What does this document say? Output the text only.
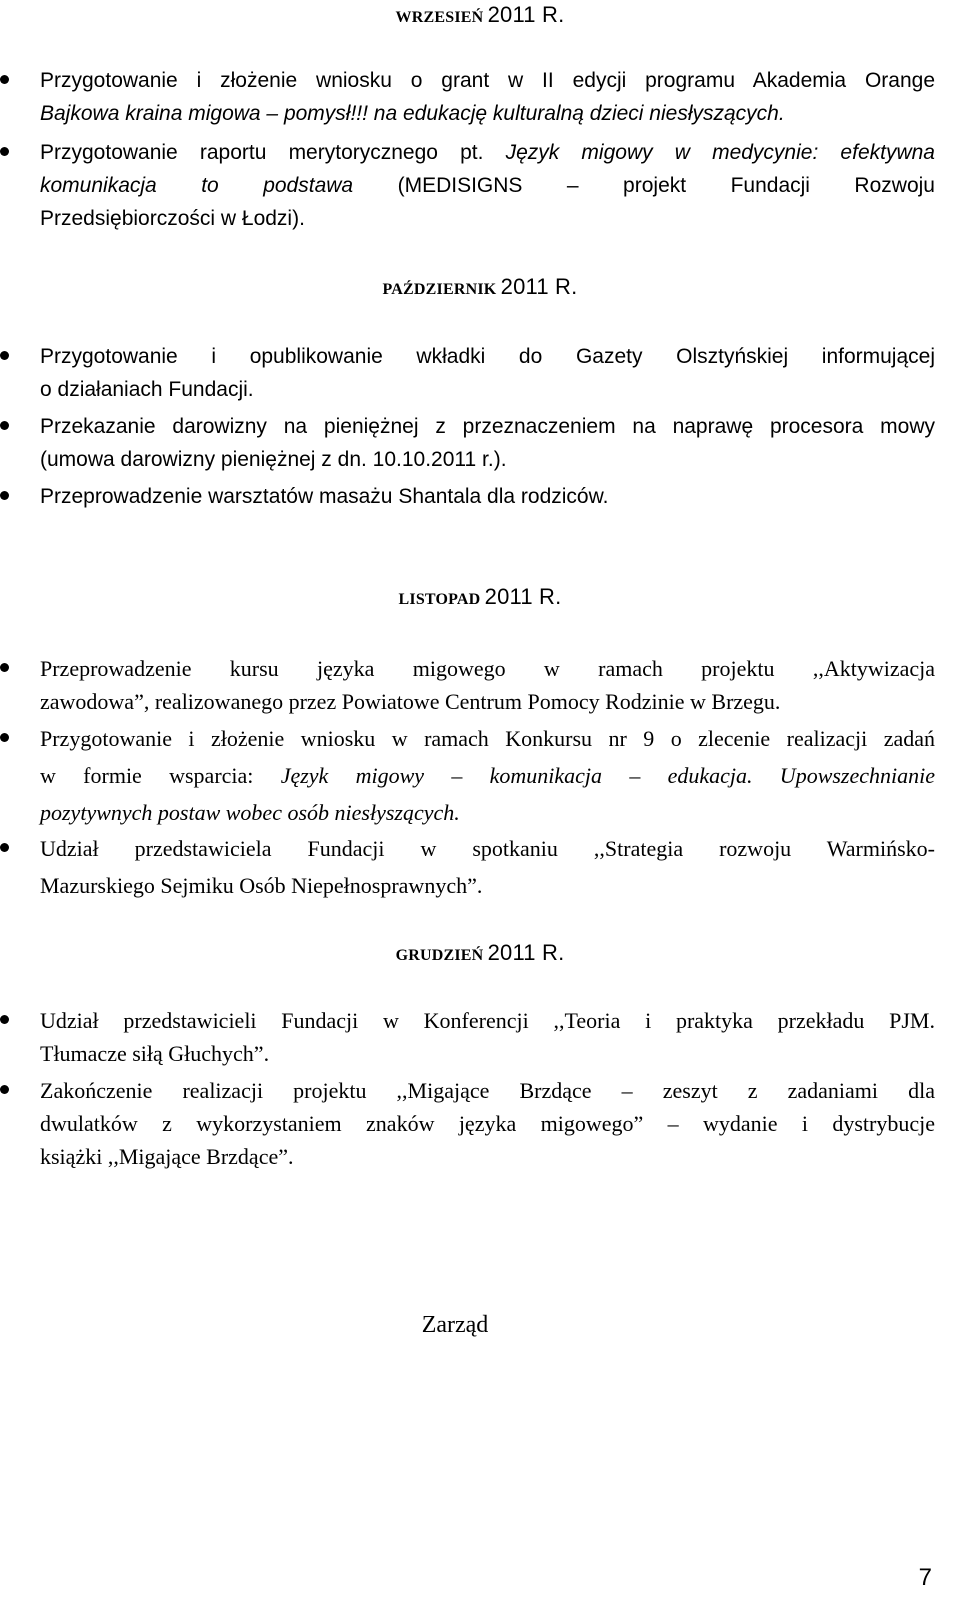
WRZESIEŃ 2011 R.
Przygotowanie i złożenie wniosku o grant w II edycji programu Akademia Orange
Bajkowa kraina migowa – pomysł!!! na edukację kulturalną dzieci niesłyszących.
Przygotowanie raportu merytorycznego pt. Język migowy w medycynie: efektywna
komunikacja to podstawa (MEDISIGNS – projekt Fundacji Rozwoju
Przedsiębiorczości w Łodzi).
PAŹDZIERNIK 2011 R.
Przygotowanie i opublikowanie wkładki do Gazety Olsztyńskiej informującej
o działaniach Fundacji.
Przekazanie darowizny na pieniężnej z przeznaczeniem na naprawę procesora mowy
(umowa darowizny pieniężnej z dn. 10.10.2011 r.).
Przeprowadzenie warsztatów masażu Shantala dla rodziców.
LISTOPAD 2011 R.
Przeprowadzenie kursu języka migowego w ramach projektu ,,Aktywizacja
zawodowa”, realizowanego przez Powiatowe Centrum Pomocy Rodzinie w Brzegu.
Przygotowanie i złożenie wniosku w ramach Konkursu nr 9 o zlecenie realizacji zadań
w formie wsparcia: Język migowy – komunikacja – edukacja. Upowszechnianie
pozytywnych postaw wobec osób niesłyszących.
Udział przedstawiciela Fundacji w spotkaniu ,,Strategia rozwoju Warmińsko-
Mazurskiego Sejmiku Osób Niepełnosprawnych”.
GRUDZIEŃ 2011 R.
Udział przedstawicieli Fundacji w Konferencji ,,Teoria i praktyka przekładu PJM.
Tłumacze siłą Głuchych”.
Zakończenie realizacji projektu ,,Migające Brzdące – zeszyt z zadaniami dla
dwulatków z wykorzystaniem znaków języka migowego” – wydanie i dystrybucje
książki ,,Migające Brzdące”.
Zarząd
7
